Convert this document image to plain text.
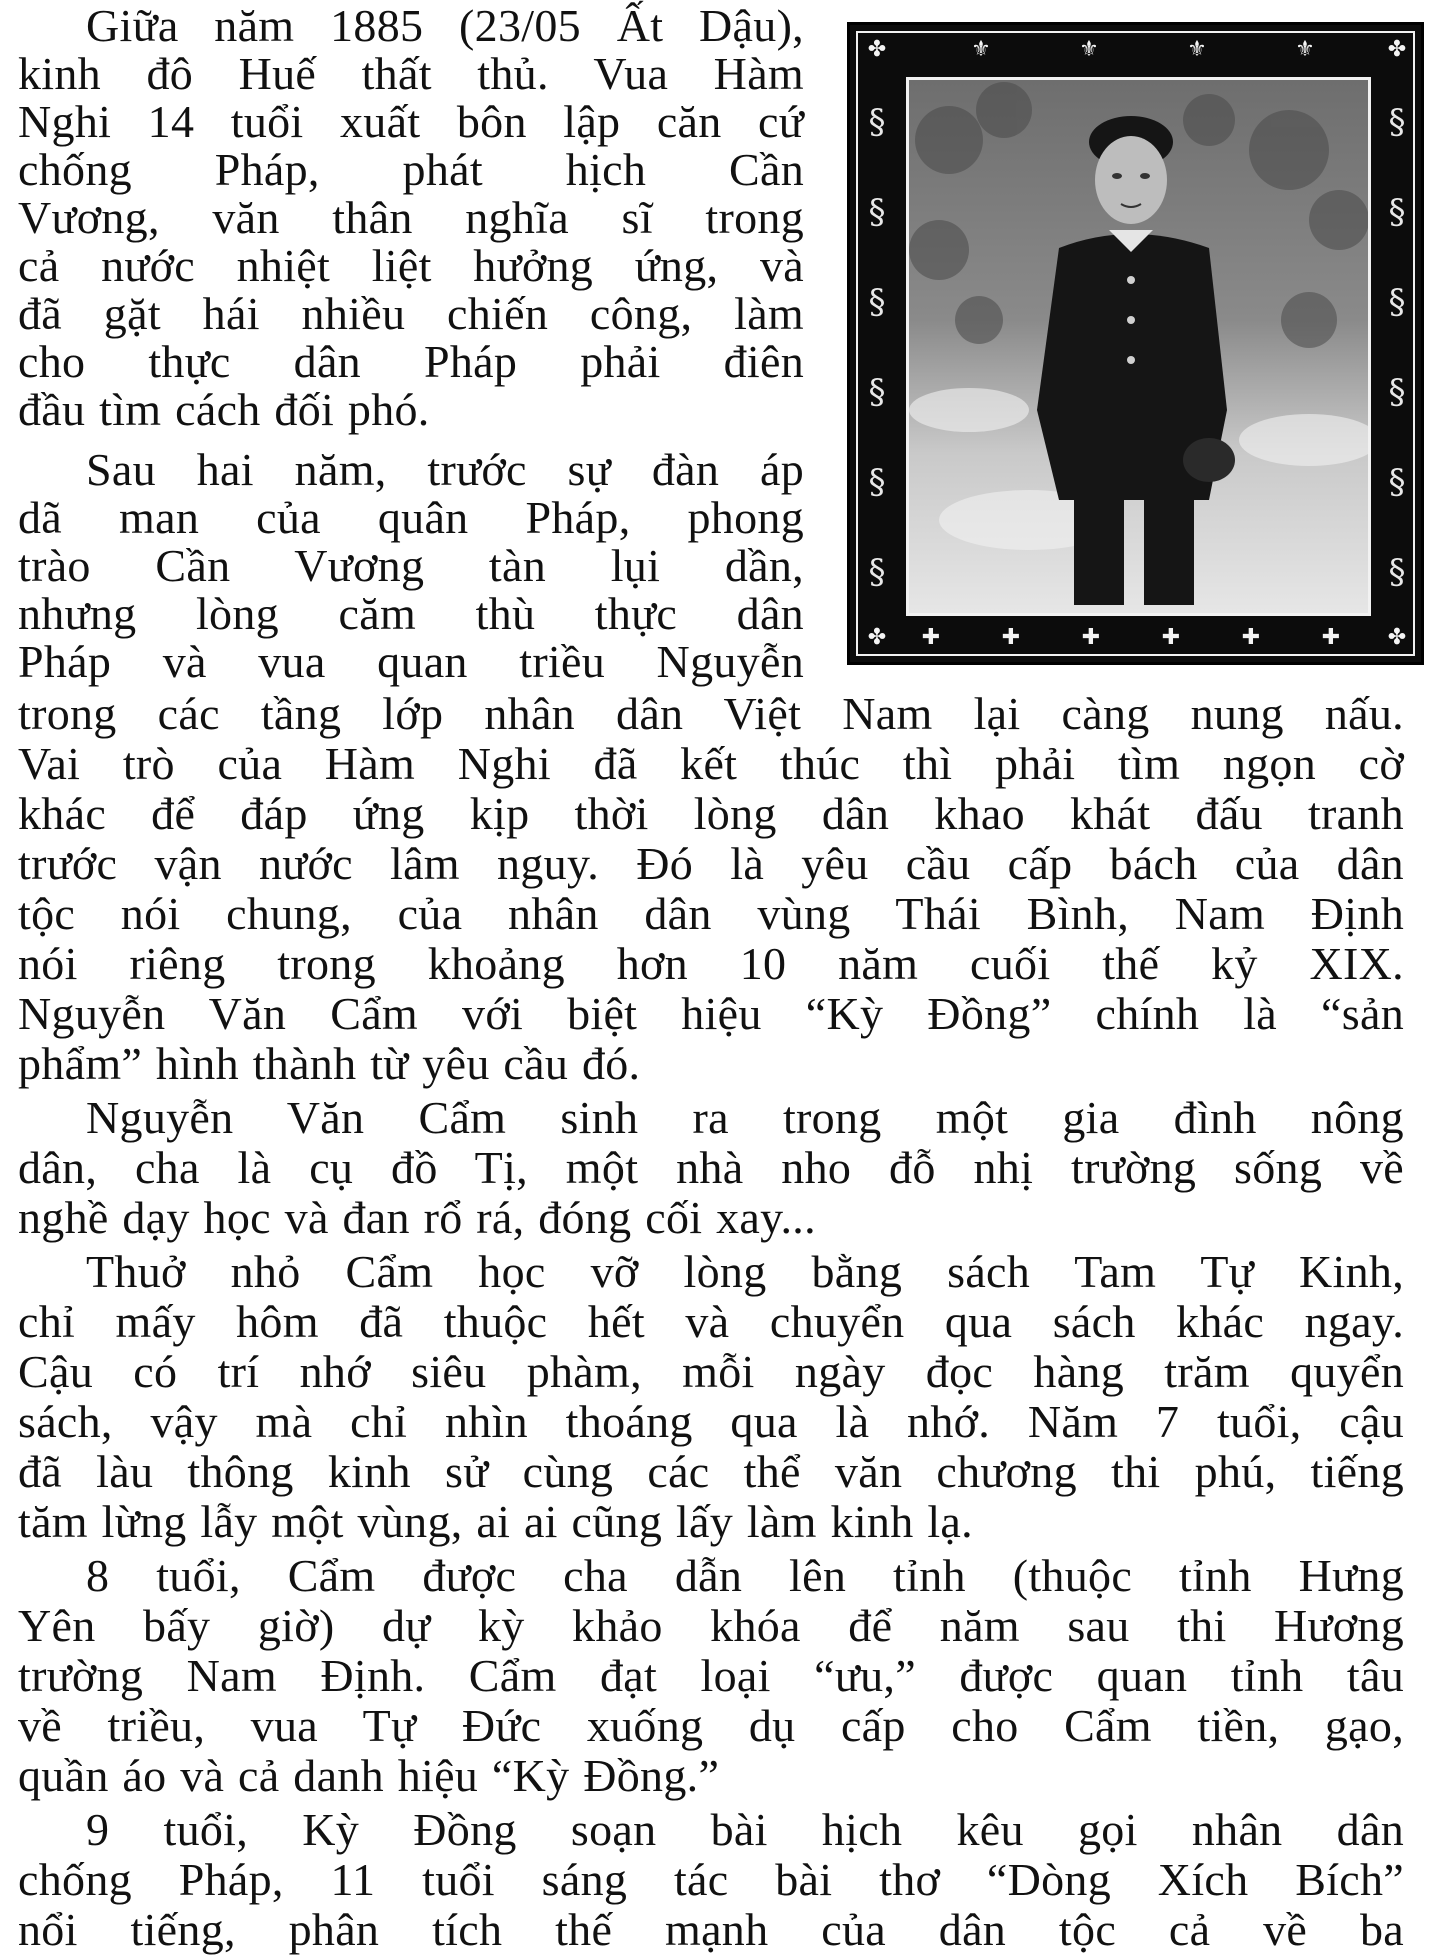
Giữa năm 1885 (23/05 Ất Dậu),
kinh đô Huế thất thủ. Vua Hàm
Nghi 14 tuổi xuất bôn lập căn cứ
chống Pháp, phát hịch Cần
Vương, văn thân nghĩa sĩ trong
cả nước nhiệt liệt hưởng ứng, và
đã gặt hái nhiều chiến công, làm
cho thực dân Pháp phải điên
đầu tìm cách đối phó.
Sau hai năm, trước sự đàn áp
dã man của quân Pháp, phong
trào Cần Vương tàn lụi dần,
nhưng lòng căm thù thực dân
Pháp và vua quan triều Nguyễn
trong các tầng lớp nhân dân Việt Nam lại càng nung nấu.
Vai trò của Hàm Nghi đã kết thúc thì phải tìm ngọn cờ
khác để đáp ứng kịp thời lòng dân khao khát đấu tranh
trước vận nước lâm nguy. Đó là yêu cầu cấp bách của dân
tộc nói chung, của nhân dân vùng Thái Bình, Nam Định
nói riêng trong khoảng hơn 10 năm cuối thế kỷ XIX.
Nguyễn Văn Cẩm với biệt hiệu “Kỳ Đồng” chính là “sản
phẩm” hình thành từ yêu cầu đó.
Nguyễn Văn Cẩm sinh ra trong một gia đình nông
dân, cha là cụ đồ Tị, một nhà nho đỗ nhị trường sống về
nghề dạy học và đan rổ rá, đóng cối xay...
Thuở nhỏ Cẩm học vỡ lòng bằng sách Tam Tự Kinh,
chỉ mấy hôm đã thuộc hết và chuyển qua sách khác ngay.
Cậu có trí nhớ siêu phàm, mỗi ngày đọc hàng trăm quyển
sách, vậy mà chỉ nhìn thoáng qua là nhớ. Năm 7 tuổi, cậu
đã làu thông kinh sử cùng các thể văn chương thi phú, tiếng
tăm lừng lẫy một vùng, ai ai cũng lấy làm kinh lạ.
8 tuổi, Cẩm được cha dẫn lên tỉnh (thuộc tỉnh Hưng
Yên bấy giờ) dự kỳ khảo khóa để năm sau thi Hương
trường Nam Định. Cẩm đạt loại “ưu,” được quan tỉnh tâu
về triều, vua Tự Đức xuống dụ cấp cho Cẩm tiền, gạo,
quần áo và cả danh hiệu “Kỳ Đồng.”
9 tuổi, Kỳ Đồng soạn bài hịch kêu gọi nhân dân
chống Pháp, 11 tuổi sáng tác bài thơ “Dòng Xích Bích”
nổi tiếng, phân tích thế mạnh của dân tộc cả về ba
✤	✤
✤	✤
⚜	⚜	⚜	⚜
✚	✚	✚	✚	✚	✚
§
§
§
§
§
§
§
§
§
§
§
§
